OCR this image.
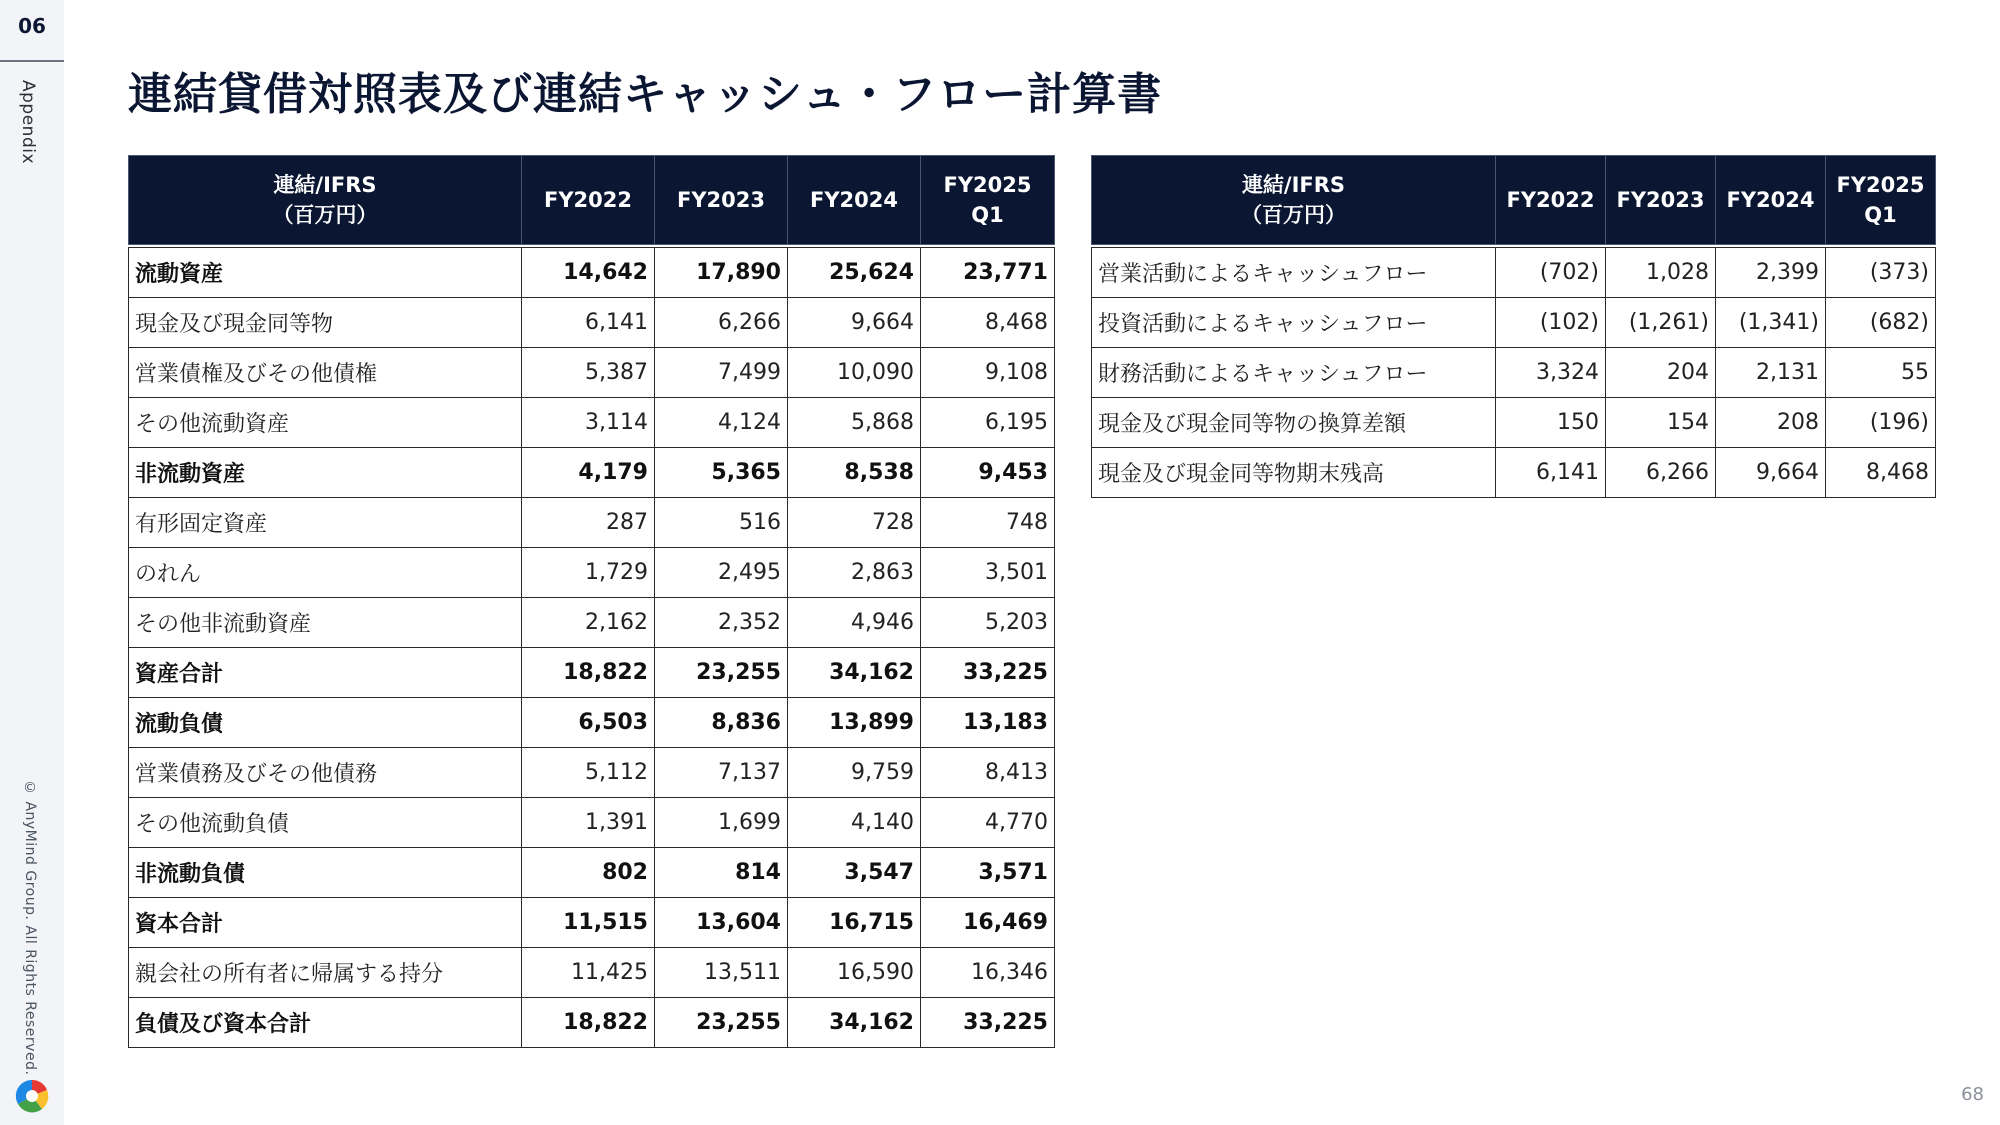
06
Appendix
© AnyMind Group. All Rights Reserved.
連結貸借対照表及び連結キャッシュ・フロー計算書
連結/IFRS
（百万円）	FY2022	FY2023	FY2024	FY2025
Q1

流動資産	14,642	17,890	25,624	23,771
現金及び現金同等物	6,141	6,266	9,664	8,468
営業債権及びその他債権	5,387	7,499	10,090	9,108
その他流動資産	3,114	4,124	5,868	6,195
非流動資産	4,179	5,365	8,538	9,453
有形固定資産	287	516	728	748
のれん	1,729	2,495	2,863	3,501
その他非流動資産	2,162	2,352	4,946	5,203
資産合計	18,822	23,255	34,162	33,225
流動負債	6,503	8,836	13,899	13,183
営業債務及びその他債務	5,112	7,137	9,759	8,413
その他流動負債	1,391	1,699	4,140	4,770
非流動負債	802	814	3,547	3,571
資本合計	11,515	13,604	16,715	16,469
親会社の所有者に帰属する持分	11,425	13,511	16,590	16,346
負債及び資本合計	18,822	23,255	34,162	33,225
連結/IFRS
（百万円）	FY2022	FY2023	FY2024	FY2025
Q1

営業活動によるキャッシュフロー	(702)	1,028	2,399	(373)
投資活動によるキャッシュフロー	(102)	(1,261)	(1,341)	(682)
財務活動によるキャッシュフロー	3,324	204	2,131	55
現金及び現金同等物の換算差額	150	154	208	(196)
現金及び現金同等物期末残高	6,141	6,266	9,664	8,468
68
